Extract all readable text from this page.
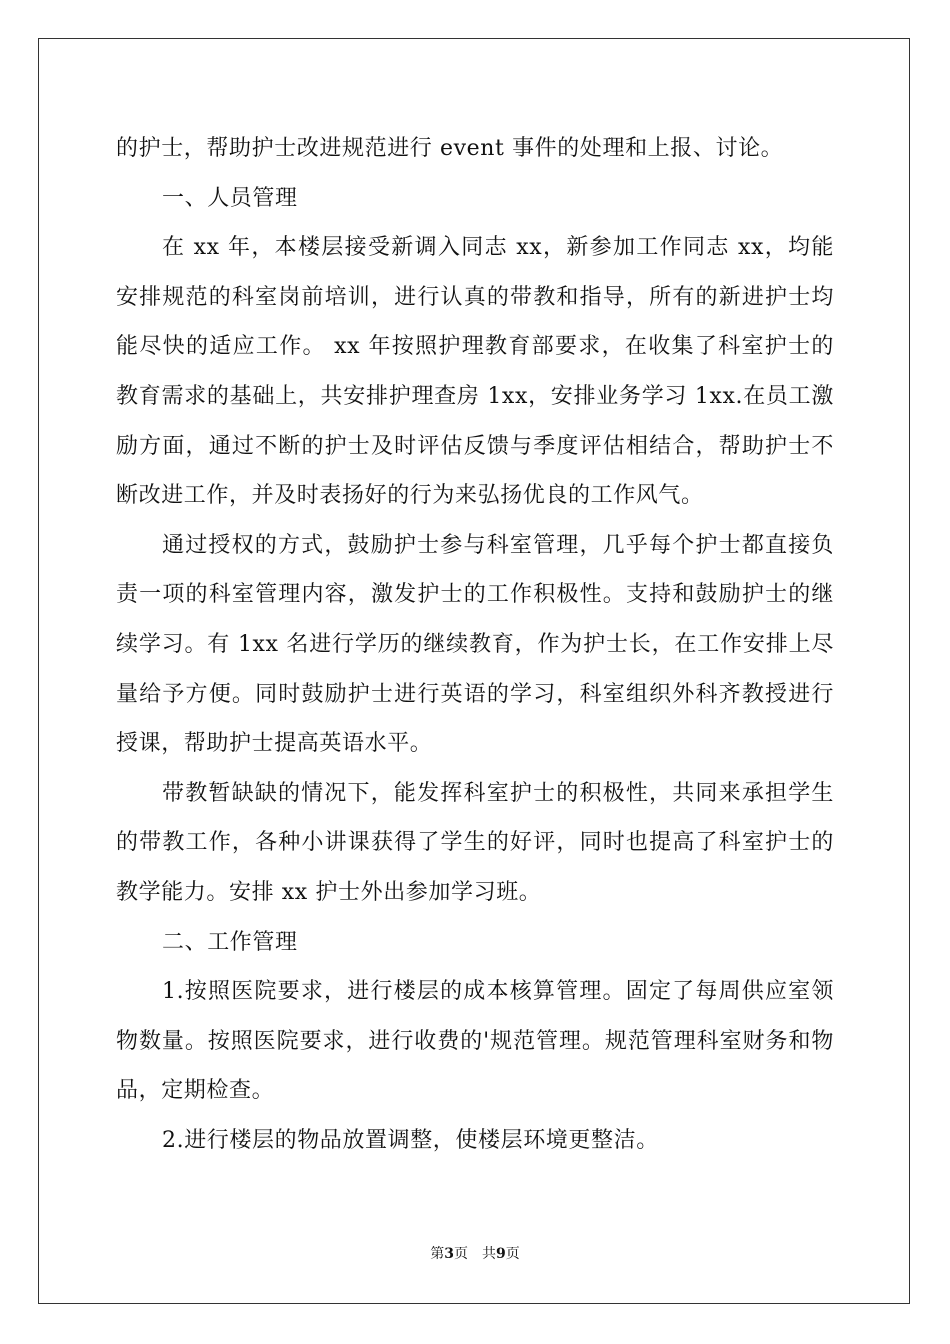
的护士，帮助护士改进规范进行 event 事件的处理和上报、讨论。

一、人员管理

在 xx 年，本楼层接受新调入同志 xx，新参加工作同志 xx，均能安排规范的科室岗前培训，进行认真的带教和指导，所有的新进护士均能尽快的适应工作。 xx 年按照护理教育部要求，在收集了科室护士的教育需求的基础上，共安排护理查房 1xx，安排业务学习 1xx.在员工激励方面，通过不断的护士及时评估反馈与季度评估相结合，帮助护士不断改进工作，并及时表扬好的行为来弘扬优良的工作风气。

通过授权的方式，鼓励护士参与科室管理，几乎每个护士都直接负责一项的科室管理内容，激发护士的工作积极性。支持和鼓励护士的继续学习。有 1xx 名进行学历的继续教育，作为护士长，在工作安排上尽量给予方便。同时鼓励护士进行英语的学习，科室组织外科齐教授进行授课，帮助护士提高英语水平。

带教暂缺缺的情况下，能发挥科室护士的积极性，共同来承担学生的带教工作，各种小讲课获得了学生的好评，同时也提高了科室护士的教学能力。安排 xx 护士外出参加学习班。

二、工作管理

1.按照医院要求，进行楼层的成本核算管理。固定了每周供应室领物数量。按照医院要求，进行收费的'规范管理。规范管理科室财务和物品，定期检查。

2.进行楼层的物品放置调整，使楼层环境更整洁。

第3页 共9页
